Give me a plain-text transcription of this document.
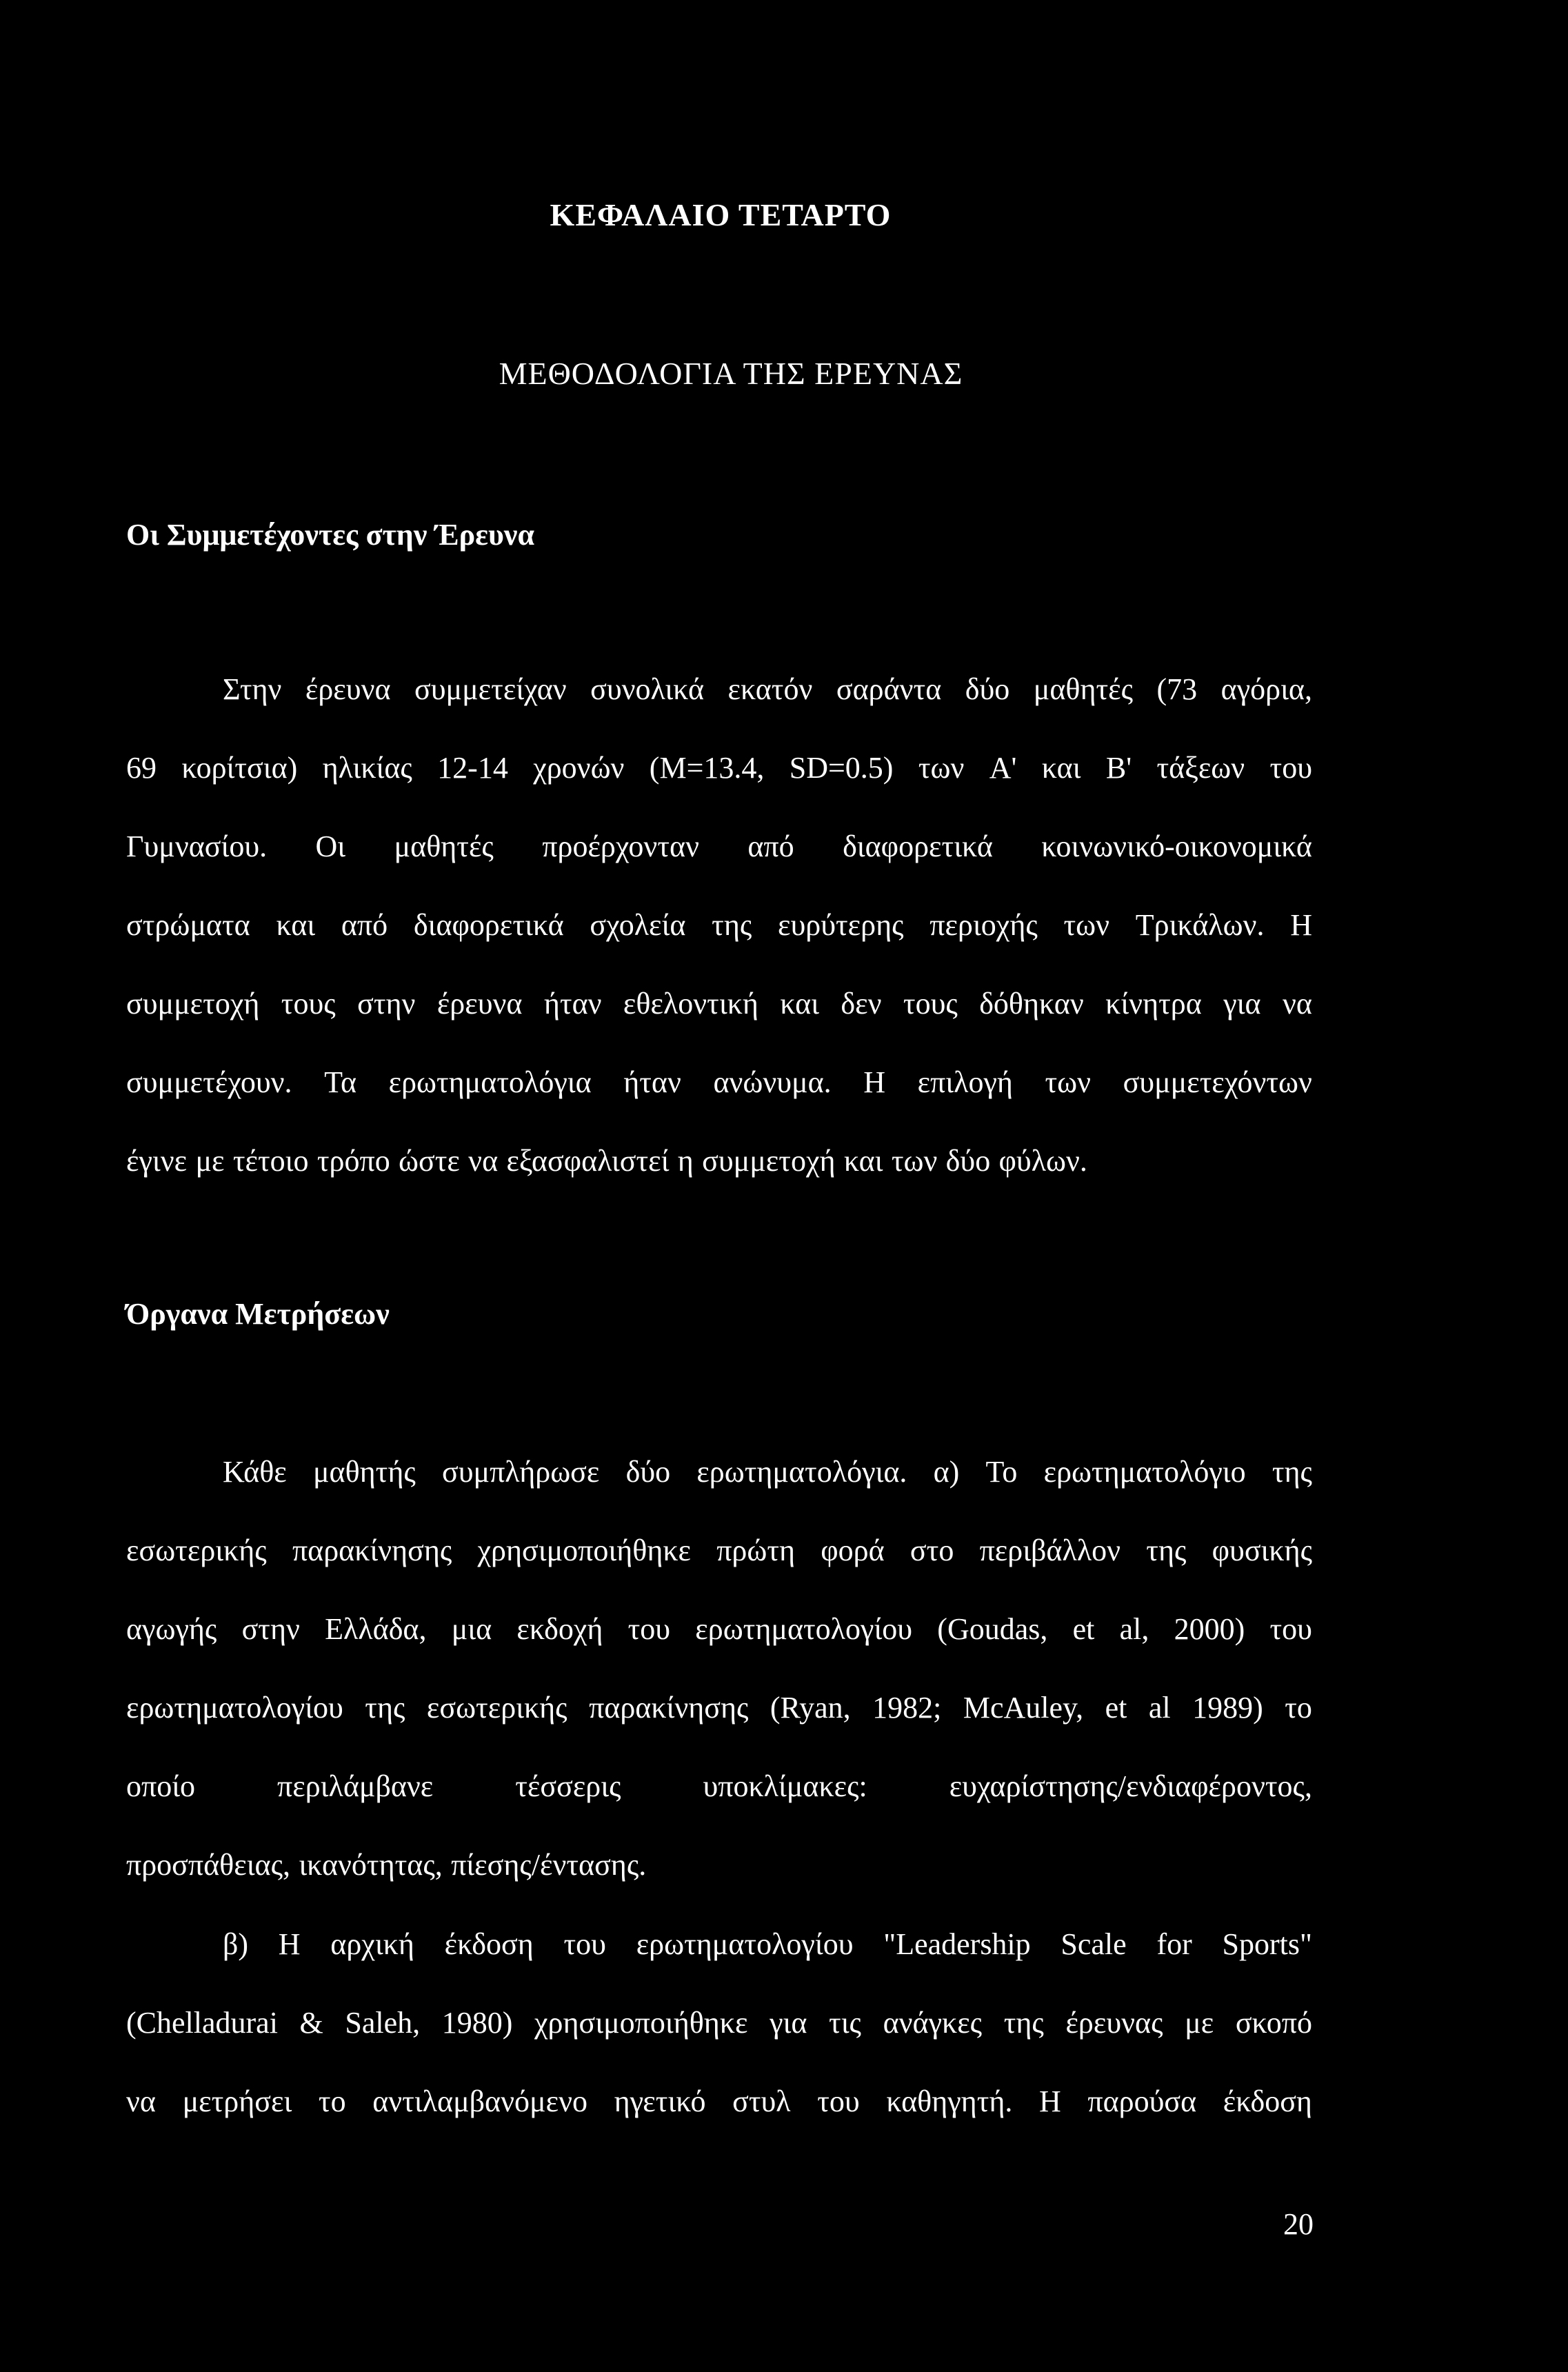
ΚΕΦΑΛΑΙΟ ΤΕΤΑΡΤΟ
ΜΕΘΟΔΟΛΟΓΙΑ ΤΗΣ ΕΡΕΥΝΑΣ
Οι Συμμετέχοντες στην Έρευνα
Στην έρευνα συμμετείχαν συνολικά εκατόν σαράντα δύο μαθητές (73 αγόρια,
69 κορίτσια) ηλικίας 12-14 χρονών (M=13.4, SD=0.5) των Α' και Β' τάξεων του
Γυμνασίου. Οι μαθητές προέρχονταν από διαφορετικά κοινωνικό-οικονομικά
στρώματα και από διαφορετικά σχολεία της ευρύτερης περιοχής των Τρικάλων. Η
συμμετοχή τους στην έρευνα ήταν εθελοντική και δεν τους δόθηκαν κίνητρα για να
συμμετέχουν. Τα ερωτηματολόγια ήταν ανώνυμα. Η επιλογή των συμμετεχόντων
έγινε με τέτοιο τρόπο ώστε να εξασφαλιστεί η συμμετοχή και των δύο φύλων.
Όργανα Μετρήσεων
Κάθε μαθητής συμπλήρωσε δύο ερωτηματολόγια. α) Το ερωτηματολόγιο της
εσωτερικής παρακίνησης χρησιμοποιήθηκε πρώτη φορά στο περιβάλλον της φυσικής
αγωγής στην Ελλάδα, μια εκδοχή του ερωτηματολογίου (Goudas, et al, 2000) του
ερωτηματολογίου της εσωτερικής παρακίνησης (Ryan, 1982; McAuley, et al 1989) το
οποίο	περιλάμβανε	τέσσερις	υποκλίμακες:	ευχαρίστησης/ενδιαφέροντος,
προσπάθειας, ικανότητας, πίεσης/έντασης.
β) Η αρχική έκδοση του ερωτηματολογίου "Leadership Scale for Sports"
(Chelladurai & Saleh, 1980) χρησιμοποιήθηκε για τις ανάγκες της έρευνας με σκοπό
να μετρήσει το αντιλαμβανόμενο ηγετικό στυλ του καθηγητή. Η παρούσα έκδοση
20
